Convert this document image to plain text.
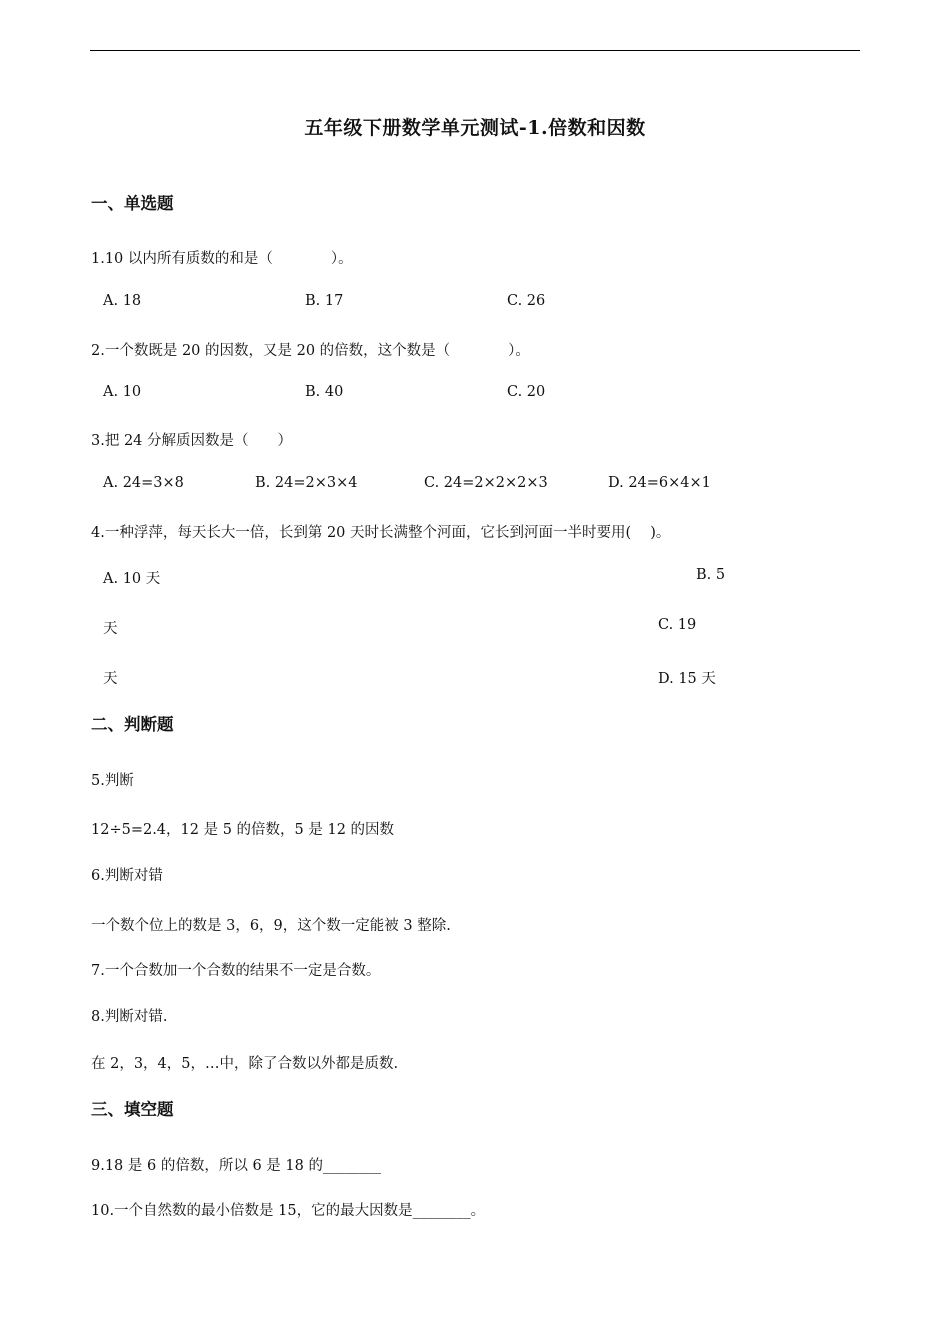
五年级下册数学单元测试-1.倍数和因数
一、单选题
1.10 以内所有质数的和是（　　　　）。
A. 18	B. 17	C. 26
2.一个数既是 20 的因数，又是 20 的倍数，这个数是（　　　　）。
A. 10	B. 40	C. 20
3.把 24 分解质因数是（　　）
A. 24=3×8	B. 24=2×3×4	C. 24=2×2×2×3	D. 24=6×4×1
4.一种浮萍，每天长大一倍，长到第 20 天时长满整个河面，它长到河面一半时要用(　 )。
A. 10 天	B. 5
天	C. 19
天	D. 15 天
二、判断题
5.判断
12÷5=2.4，12 是 5 的倍数，5 是 12 的因数
6.判断对错
一个数个位上的数是 3，6，9，这个数一定能被 3 整除.
7.一个合数加一个合数的结果不一定是合数。
8.判断对错.
在 2，3，4，5，…中，除了合数以外都是质数.
三、填空题
9.18 是 6 的倍数，所以 6 是 18 的________
10.一个自然数的最小倍数是 15，它的最大因数是________。
